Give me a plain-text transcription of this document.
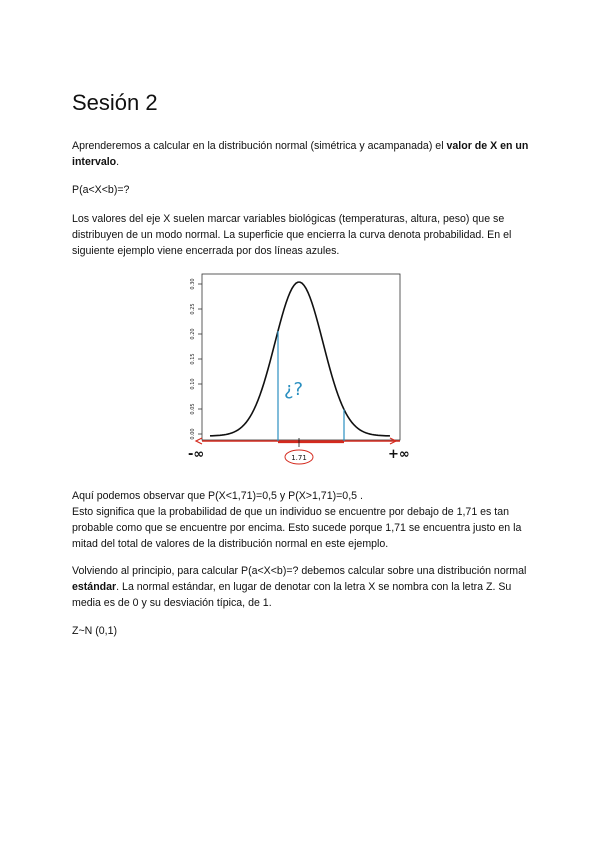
Sesión 2

Aprenderemos a calcular en la distribución normal (simétrica y acampanada) el valor de X en un intervalo.

P(a<X<b)=?

Los valores del eje X suelen marcar variables biológicas (temperaturas, altura, peso) que se distribuyen de un modo normal. La superficie que encierra la curva denota probabilidad. En el siguiente ejemplo viene encerrada por dos líneas azules.

0.00
0.05
0.10
0.15
0.20
0.25
0.30
¿?
-∞	+∞
1.71

Aquí podemos observar que P(X<1,71)=0,5 y P(X>1,71)=0,5 .

Esto significa que la probabilidad de que un individuo se encuentre por debajo de 1,71 es tan probable como que se encuentre por encima. Esto sucede porque 1,71 se encuentra justo en la mitad del total de valores de la distribución normal en este ejemplo.

Volviendo al principio, para calcular P(a<X<b)=? debemos calcular sobre una distribución normal estándar. La normal estándar, en lugar de denotar con la letra X se nombra con la letra Z. Su media es de 0 y su desviación típica, de 1.

Z~N (0,1)
